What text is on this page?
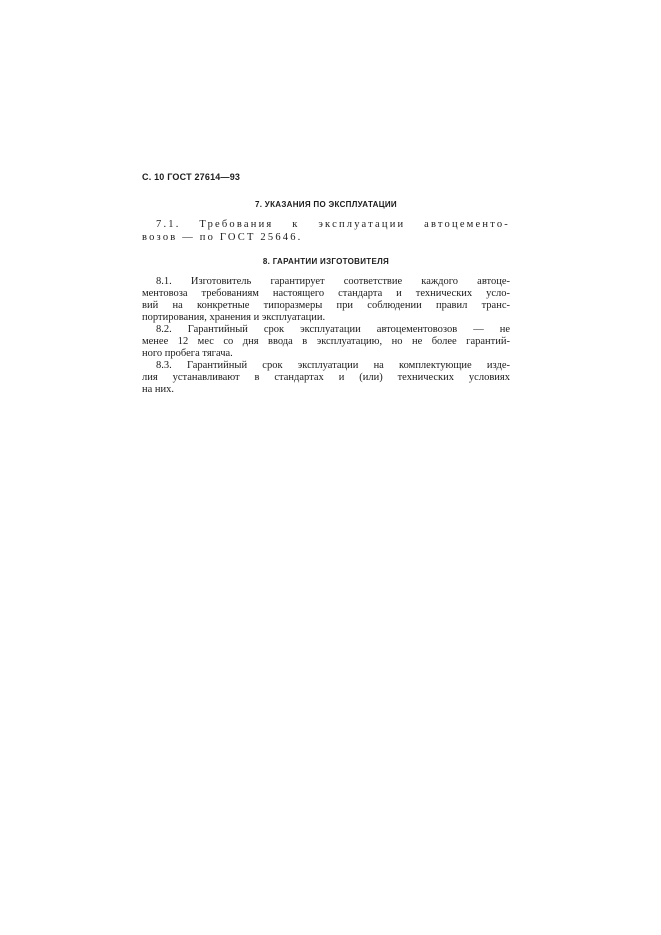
С. 10 ГОСТ 27614—93
7. УКАЗАНИЯ ПО ЭКСПЛУАТАЦИИ
7.1. Требования к эксплуатации автоцементо-
возов — по ГОСТ 25646.
8. ГАРАНТИИ ИЗГОТОВИТЕЛЯ
8.1. Изготовитель гарантирует соответствие каждого автоце-
ментовоза требованиям настоящего стандарта и технических усло-
вий на конкретные типоразмеры при соблюдении правил транс-
портирования, хранения и эксплуатации.
8.2. Гарантийный срок эксплуатации автоцементовозов — не
менее 12 мес со дня ввода в эксплуатацию, но не более гарантий-
ного пробега тягача.
8.3. Гарантийный срок эксплуатации на комплектующие изде-
лия устанавливают в стандартах и (или) технических условиях
на них.
